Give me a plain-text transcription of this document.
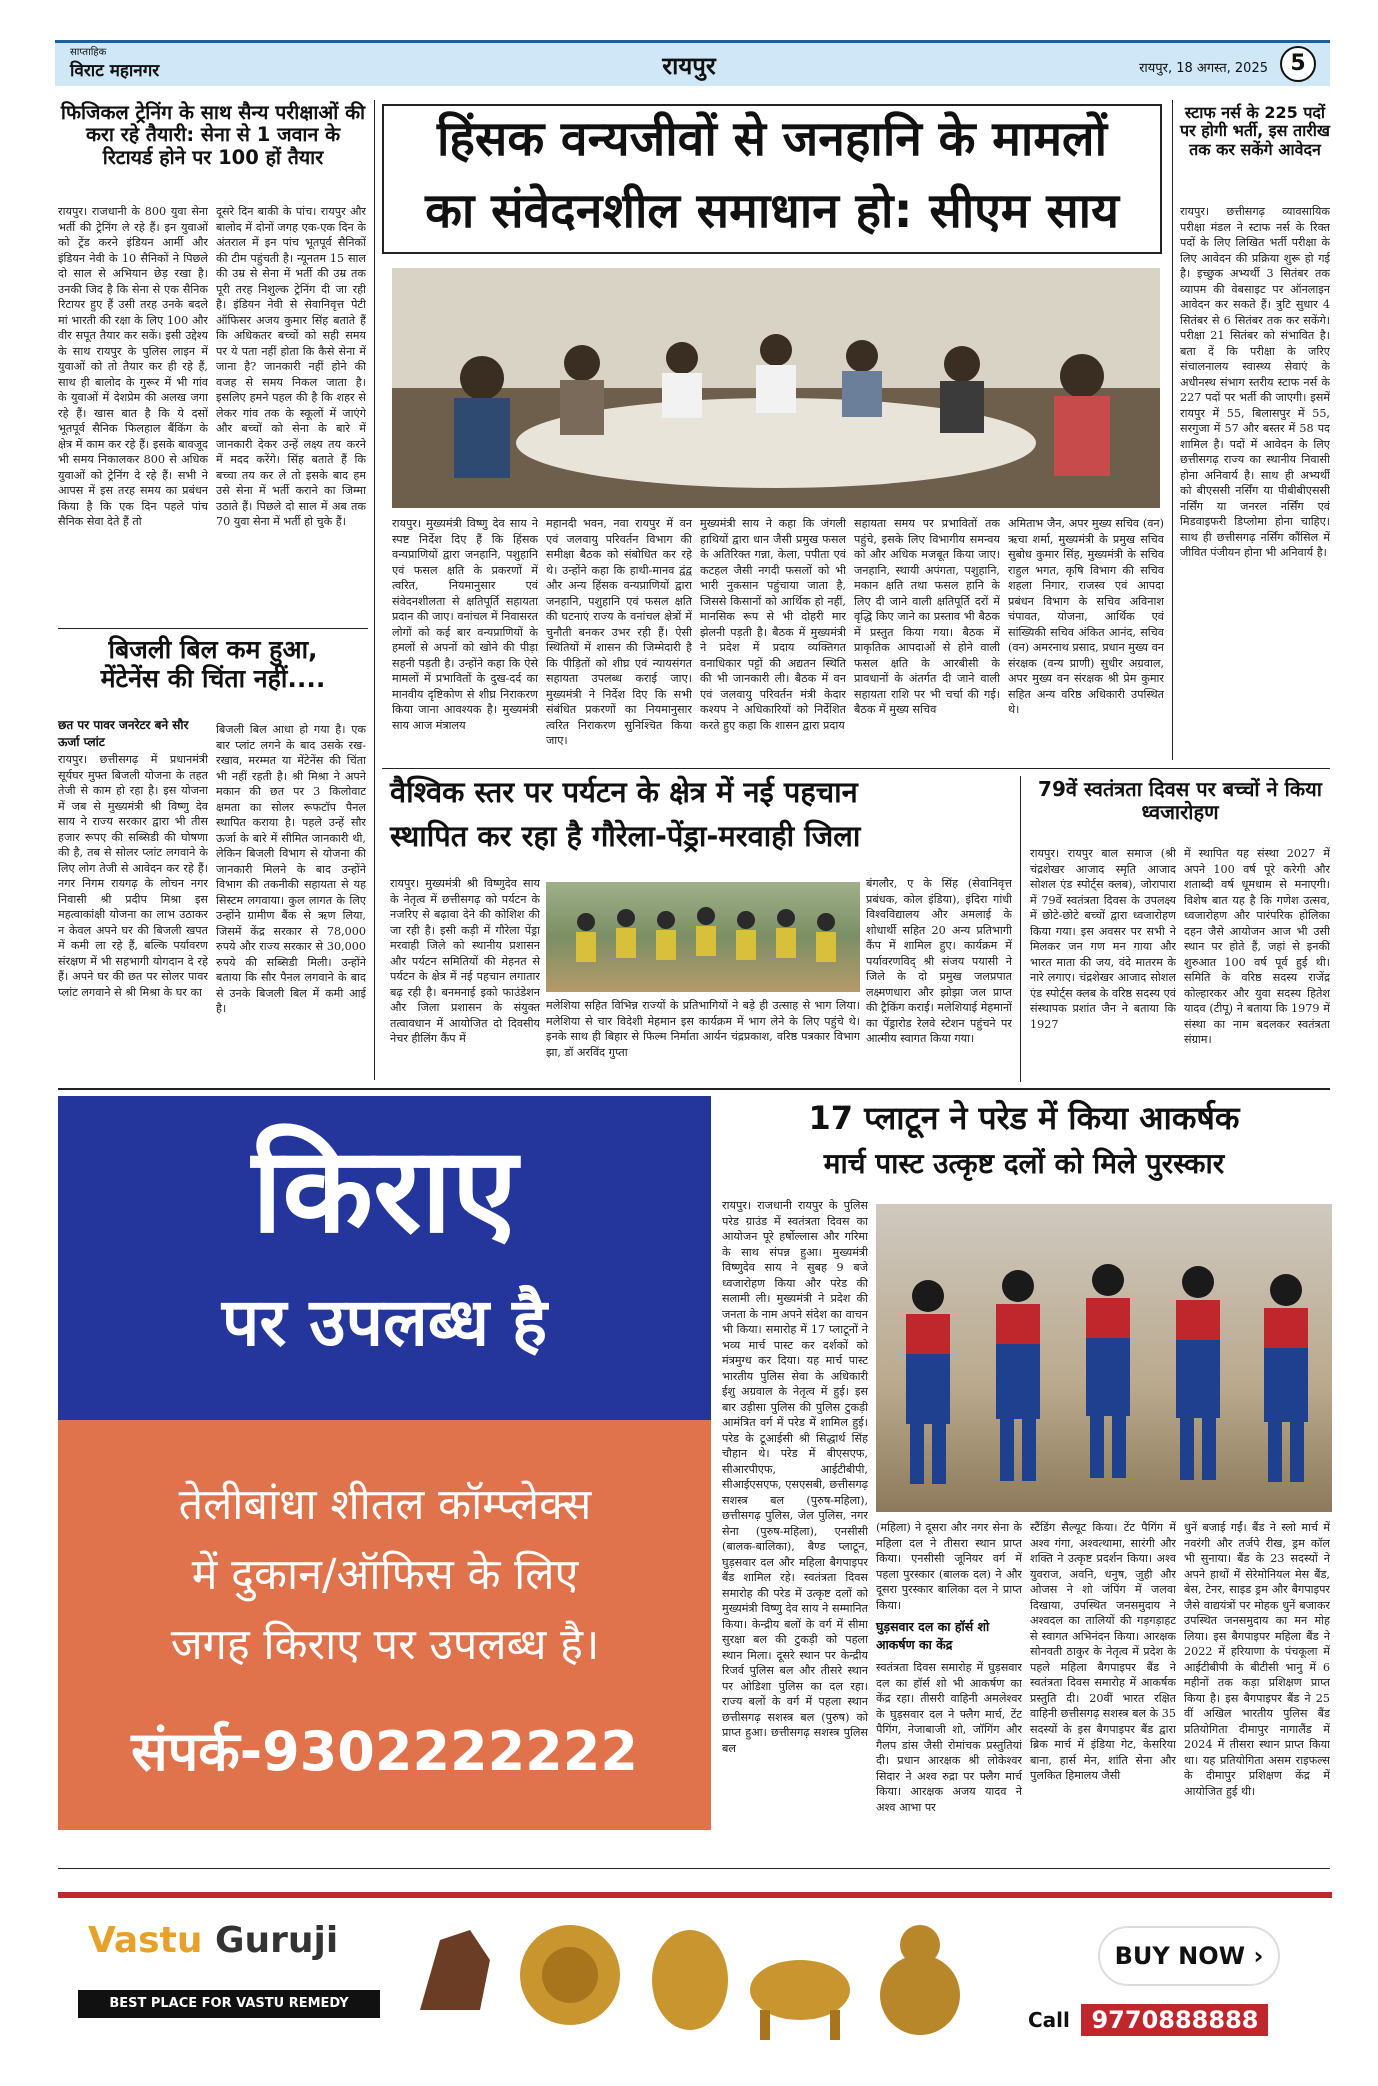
साप्ताहिक
विराट महानगर	रायपुर	रायपुर, 18 अगस्त, 2025	5
फिजिकल ट्रेनिंग के साथ सैन्य परीक्षाओं की करा रहे तैयारी: सेना से 1 जवान के रिटायर्ड होने पर 100 हों तैयार
रायपुर। राजधानी के 800 युवा सेना भर्ती की ट्रेनिंग ले रहे हैं। इन युवाओं को ट्रेंड करने इंडियन आर्मी और इंडियन नेवी के 10 सैनिकों ने पिछले दो साल से अभियान छेड़ रखा है। उनकी जिद है कि सेना से एक सैनिक रिटायर हुए हैं उसी तरह उनके बदले मां भारती की रक्षा के लिए 100 और वीर सपूत तैयार कर सकें। इसी उद्देश्य के साथ रायपुर के पुलिस लाइन में युवाओं को तो तैयार कर ही रहे हैं, साथ ही बालोद के गुरूर में भी गांव के युवाओं में देशप्रेम की अलख जगा रहे हैं। खास बात है कि ये दसों भूतपूर्व सैनिक फिलहाल बैंकिंग के क्षेत्र में काम कर रहे हैं। इसके बावजूद भी समय निकालकर 800 से अधिक युवाओं को ट्रेनिंग दे रहे हैं। सभी ने आपस में इस तरह समय का प्रबंधन किया है कि एक दिन पहले पांच सैनिक सेवा देते हैं तो
दूसरे दिन बाकी के पांच। रायपुर और बालोद में दोनों जगह एक-एक दिन के अंतराल में इन पांच भूतपूर्व सैनिकों की टीम पहुंचती है। न्यूनतम 15 साल की उम्र से सेना में भर्ती की उम्र तक पूरी तरह निशुल्क ट्रेनिंग दी जा रही है। इंडियन नेवी से सेवानिवृत्त पेटी ऑफिसर अजय कुमार सिंह बताते हैं कि अधिकतर बच्चों को सही समय पर ये पता नहीं होता कि कैसे सेना में जाना है? जानकारी नहीं होने की वजह से समय निकल जाता है। इसलिए हमने पहल की है कि शहर से लेकर गांव तक के स्कूलों में जाएंगे और बच्चों को सेना के बारे में जानकारी देकर उन्हें लक्ष्य तय करने में मदद करेंगे। सिंह बताते हैं कि बच्चा तय कर ले तो इसके बाद हम उसे सेना में भर्ती कराने का जिम्मा उठाते हैं। पिछले दो साल में अब तक 70 युवा सेना में भर्ती हो चुके हैं।
बिजली बिल कम हुआ, मेंटेनेंस की चिंता नहीं....
छत पर पावर जनरेटर बने सौर ऊर्जा प्लांट
रायपुर। छत्तीसगढ़ में प्रधानमंत्री सूर्यघर मुफ्त बिजली योजना के तहत तेजी से काम हो रहा है। इस योजना में जब से मुख्यमंत्री श्री विष्णु देव साय ने राज्य सरकार द्वारा भी तीस हजार रूपए की सब्सिडी की घोषणा की है, तब से सोलर प्लांट लगवाने के लिए लोग तेजी से आवेदन कर रहे हैं। नगर निगम रायगढ़ के लोचन नगर निवासी श्री प्रदीप मिश्रा इस महत्वाकांक्षी योजना का लाभ उठाकर न केवल अपने घर की बिजली खपत में कमी ला रहे हैं, बल्कि पर्यावरण संरक्षण में भी सहभागी योगदान दे रहे हैं। अपने घर की छत पर सोलर पावर प्लांट लगवाने से श्री मिश्रा के घर का
बिजली बिल आधा हो गया है। एक बार प्लांट लगने के बाद उसके रख-रखाव, मरम्मत या मेंटेनेंस की चिंता भी नहीं रहती है। श्री मिश्रा ने अपने मकान की छत पर 3 किलोवाट क्षमता का सोलर रूफटॉप पैनल स्थापित कराया है। पहले उन्हें सौर ऊर्जा के बारे में सीमित जानकारी थी, लेकिन बिजली विभाग से योजना की जानकारी मिलने के बाद उन्होंने विभाग की तकनीकी सहायता से यह सिस्टम लगवाया। कुल लागत के लिए उन्होंने ग्रामीण बैंक से ऋण लिया, जिसमें केंद्र सरकार से 78,000 रुपये और राज्य सरकार से 30,000 रुपये की सब्सिडी मिली। उन्होंने बताया कि सौर पैनल लगवाने के बाद से उनके बिजली बिल में कमी आई है।
हिंसक वन्यजीवों से जनहानि के मामलों
का संवेदनशील समाधान हो: सीएम साय
रायपुर। मुख्यमंत्री विष्णु देव साय ने स्पष्ट निर्देश दिए हैं कि हिंसक वन्यप्राणियों द्वारा जनहानि, पशुहानि एवं फसल क्षति के प्रकरणों में त्वरित, नियमानुसार एवं संवेदनशीलता से क्षतिपूर्ति सहायता प्रदान की जाए। वनांचल में निवासरत लोगों को कई बार वन्यप्राणियों के हमलों से अपनों को खोने की पीड़ा सहनी पड़ती है। उन्होंने कहा कि ऐसे मामलों में प्रभावितों के दुख-दर्द का मानवीय दृष्टिकोण से शीघ्र निराकरण किया जाना आवश्यक है। मुख्यमंत्री साय आज मंत्रालय
महानदी भवन, नवा रायपुर में वन एवं जलवायु परिवर्तन विभाग की समीक्षा बैठक को संबोधित कर रहे थे। उन्होंने कहा कि हाथी-मानव द्वंद्व और अन्य हिंसक वन्यप्राणियों द्वारा जनहानि, पशुहानि एवं फसल क्षति की घटनाएं राज्य के वनांचल क्षेत्रों में चुनौती बनकर उभर रही हैं। ऐसी स्थितियों में शासन की जिम्मेदारी है कि पीड़ितों को शीघ्र एवं न्यायसंगत सहायता उपलब्ध कराई जाए। मुख्यमंत्री ने निर्देश दिए कि सभी संबंधित प्रकरणों का नियमानुसार त्वरित निराकरण सुनिश्चित किया जाए।
मुख्यमंत्री साय ने कहा कि जंगली हाथियों द्वारा धान जैसी प्रमुख फसल के अतिरिक्त गन्ना, केला, पपीता एवं कटहल जैसी नगदी फसलों को भी भारी नुकसान पहुंचाया जाता है, जिससे किसानों को आर्थिक हो नहीं, मानसिक रूप से भी दोहरी मार झेलनी पड़ती है। बैठक में मुख्यमंत्री ने प्रदेश में प्रदाय व्यक्तिगत वनाधिकार पट्टों की अद्यतन स्थिति की भी जानकारी ली। बैठक में वन एवं जलवायु परिवर्तन मंत्री केदार कश्यप ने अधिकारियों को निर्देशित करते हुए कहा कि शासन द्वारा प्रदाय
सहायता समय पर प्रभावितों तक पहुंचे, इसके लिए विभागीय समन्वय को और अधिक मजबूत किया जाए। जनहानि, स्थायी अपंगता, पशुहानि, मकान क्षति तथा फसल हानि के लिए दी जाने वाली क्षतिपूर्ति दरों में वृद्धि किए जाने का प्रस्ताव भी बैठक में प्रस्तुत किया गया। बैठक में प्राकृतिक आपदाओं से होने वाली फसल क्षति के आरबीसी के प्रावधानों के अंतर्गत दी जाने वाली सहायता राशि पर भी चर्चा की गई। बैठक में मुख्य सचिव
अमिताभ जैन, अपर मुख्य सचिव (वन) ऋचा शर्मा, मुख्यमंत्री के प्रमुख सचिव सुबोध कुमार सिंह, मुख्यमंत्री के सचिव राहुल भगत, कृषि विभाग की सचिव शहला निगार, राजस्व एवं आपदा प्रबंधन विभाग के सचिव अविनाश चंपावत, योजना, आर्थिक एवं सांख्यिकी सचिव अंकित आनंद, सचिव (वन) अमरनाथ प्रसाद, प्रधान मुख्य वन संरक्षक (वन्य प्राणी) सुधीर अग्रवाल, अपर मुख्य वन संरक्षक श्री प्रेम कुमार सहित अन्य वरिष्ठ अधिकारी उपस्थित थे।
स्टाफ नर्स के 225 पदों पर होगी भर्ती, इस तारीख तक कर सकेंगे आवेदन
रायपुर। छत्तीसगढ़ व्यावसायिक परीक्षा मंडल ने स्टाफ नर्स के रिक्त पदों के लिए लिखित भर्ती परीक्षा के लिए आवेदन की प्रक्रिया शुरू हो गई है। इच्छुक अभ्यर्थी 3 सितंबर तक व्यापम की वेबसाइट पर ऑनलाइन आवेदन कर सकते हैं। त्रुटि सुधार 4 सितंबर से 6 सितंबर तक कर सकेंगे। परीक्षा 21 सितंबर को संभावित है। बता दें कि परीक्षा के जरिए संचालनालय स्वास्थ्य सेवाएं के अधीनस्थ संभाग स्तरीय स्टाफ नर्स के 227 पदों पर भर्ती की जाएगी। इसमें रायपुर में 55, बिलासपुर में 55, सरगुजा में 57 और बस्तर में 58 पद शामिल है। पदों में आवेदन के लिए छत्तीसगढ़ राज्य का स्थानीय निवासी होना अनिवार्य है। साथ ही अभ्यर्थी को बीएससी नर्सिंग या पीबीबीएससी नर्सिंग या जनरल नर्सिंग एवं मिडवाइफरी डिप्लोमा होना चाहिए। साथ ही छत्तीसगढ़ नर्सिंग कौंसिल में जीवित पंजीयन होना भी अनिवार्य है।
वैश्विक स्तर पर पर्यटन के क्षेत्र में नई पहचान
स्थापित कर रहा है गौरेला-पेंड्रा-मरवाही जिला
रायपुर। मुख्यमंत्री श्री विष्णुदेव साय के नेतृत्व में छत्तीसगढ़ को पर्यटन के नजरिए से बढ़ावा देने की कोशिश की जा रही है। इसी कड़ी में गौरेला पेंड्रा मरवाही जिले को स्थानीय प्रशासन और पर्यटन समितियों की मेहनत से पर्यटन के क्षेत्र में नई पहचान लगातार बढ़ रही है। बनमनाई इको फाउंडेशन और जिला प्रशासन के संयुक्त तत्वावधान में आयोजित दो दिवसीय नेचर हीलिंग कैंप में
मलेशिया सहित विभिन्न राज्यों के प्रतिभागियों ने बड़े ही उत्साह से भाग लिया। मलेशिया से चार विदेशी मेहमान इस कार्यक्रम में भाग लेने के लिए पहुंचे थे। इनके साथ ही बिहार से फिल्म निर्माता आर्यन चंद्रप्रकाश, वरिष्ठ पत्रकार विभाग झा, डॉ अरविंद गुप्ता
बंगलौर, ए के सिंह (सेवानिवृत्त प्रबंधक, कोल इंडिया), इंदिरा गांधी विश्वविद्यालय और अमलाई के शोधार्थी सहित 20 अन्य प्रतिभागी कैंप में शामिल हुए। कार्यक्रम में पर्यावरणविद् श्री संजय पयासी ने जिले के दो प्रमुख जलप्रपात लक्ष्मणधारा और झोझा जल प्राप्त की ट्रैकिंग कराई। मलेशियाई मेहमानों का पेंड्रारोड रेलवे स्टेशन पहुंचने पर आत्मीय स्वागत किया गया।
79वें स्वतंत्रता दिवस पर बच्चों ने किया ध्वजारोहण
रायपुर। रायपुर बाल समाज (श्री चंद्रशेखर आजाद स्मृति आजाद सोशल एंड स्पोर्ट्स क्लब), जोरापारा में 79वें स्वतंत्रता दिवस के उपलक्ष्य में छोटे-छोटे बच्चों द्वारा ध्वजारोहण किया गया। इस अवसर पर सभी ने मिलकर जन गण मन गाया और भारत माता की जय, वंदे मातरम के नारे लगाए। चंद्रशेखर आजाद सोशल एंड स्पोर्ट्स क्लब के वरिष्ठ सदस्य एवं संस्थापक प्रशांत जैन ने बताया कि 1927
में स्थापित यह संस्था 2027 में अपने 100 वर्ष पूरे करेगी और शताब्दी वर्ष धूमधाम से मनाएगी। विशेष बात यह है कि गणेश उत्सव, ध्वजारोहण और पारंपरिक होलिका दहन जैसे आयोजन आज भी उसी स्थान पर होते हैं, जहां से इनकी शुरुआत 100 वर्ष पूर्व हुई थी। समिति के वरिष्ठ सदस्य राजेंद्र कोल्हारकर और युवा सदस्य हितेश यादव (टीपू) ने बताया कि 1979 में संस्था का नाम बदलकर स्वतंत्रता संग्राम।
किराए
पर उपलब्ध है
तेलीबांधा शीतल कॉम्प्लेक्स
में दुकान/ऑफिस के लिए
जगह किराए पर उपलब्ध है।
संपर्क-9302222222
17 प्लाटून ने परेड में किया आकर्षक
मार्च पास्ट उत्कृष्ट दलों को मिले पुरस्कार
रायपुर। राजधानी रायपुर के पुलिस परेड ग्राउंड में स्वतंत्रता दिवस का आयोजन पूरे हर्षोल्लास और गरिमा के साथ संपन्न हुआ। मुख्यमंत्री विष्णुदेव साय ने सुबह 9 बजे ध्वजारोहण किया और परेड की सलामी ली। मुख्यमंत्री ने प्रदेश की जनता के नाम अपने संदेश का वाचन भी किया। समारोह में 17 प्लाटूनों ने भव्य मार्च पास्ट कर दर्शकों को मंत्रमुग्ध कर दिया। यह मार्च पास्ट भारतीय पुलिस सेवा के अधिकारी ईशु अग्रवाल के नेतृत्व में हुई। इस बार उड़ीसा पुलिस की पुलिस टुकड़ी आमंत्रित वर्ग में परेड में शामिल हुई। परेड के टूआईसी श्री सिद्धार्थ सिंह चौहान थे। परेड में बीएसएफ, सीआरपीएफ, आईटीबीपी, सीआईएसएफ, एसएसबी, छत्तीसगढ़ सशस्त्र बल (पुरुष-महिला), छत्तीसगढ़ पुलिस, जेल पुलिस, नगर सेना (पुरुष-महिला), एनसीसी (बालक-बालिका), बैण्ड प्लाटून, घुड़सवार दल और महिला बैगपाइपर बैंड शामिल रहे। स्वतंत्रता दिवस समारोह की परेड में उत्कृष्ट दलों को मुख्यमंत्री विष्णु देव साय ने सम्मानित किया। केन्द्रीय बलों के वर्ग में सीमा सुरक्षा बल की टुकड़ी को पहला स्थान मिला। दूसरे स्थान पर केन्द्रीय रिजर्व पुलिस बल और तीसरे स्थान पर ओडिशा पुलिस का दल रहा। राज्य बलों के वर्ग में पहला स्थान छत्तीसगढ़ सशस्त्र बल (पुरुष) को प्राप्त हुआ। छत्तीसगढ़ सशस्त्र पुलिस बल
(महिला) ने दूसरा और नगर सेना के महिला दल ने तीसरा स्थान प्राप्त किया। एनसीसी जूनियर वर्ग में पहला पुरस्कार (बालक दल) ने और दूसरा पुरस्कार बालिका दल ने प्राप्त किया।
घुड़सवार दल का हॉर्स शो आकर्षण का केंद्र
स्वतंत्रता दिवस समारोह में घुड़सवार दल का हॉर्स शो भी आकर्षण का केंद्र रहा। तीसरी वाहिनी अमलेश्वर के घुड़सवार दल ने फ्लैग मार्च, टेंट पैगिंग, नेजाबाजी शो, जॉगिंग और गैलप डांस जैसी रोमांचक प्रस्तुतियां दी। प्रधान आरक्षक श्री लोकेश्वर सिदार ने अश्व रुद्रा पर फ्लैग मार्च किया। आरक्षक अजय यादव ने अश्व आभा पर
स्टैंडिंग सैल्यूट किया। टेंट पैगिंग में अश्व गंगा, अश्वत्थामा, सारंगी और शक्ति ने उत्कृष्ट प्रदर्शन किया। अश्व युवराज, अवनि, धनुष, जुही और ओजस ने शो जंपिंग में जलवा दिखाया, उपस्थित जनसमुदाय ने अश्वदल का तालियों की गड़गड़ाहट से स्वागत अभिनंदन किया। आरक्षक सोनवती ठाकुर के नेतृत्व में प्रदेश के पहले महिला बैगपाइपर बैंड ने स्वतंत्रता दिवस समारोह में आकर्षक प्रस्तुति दी। 20वीं भारत रक्षित वाहिनी छत्तीसगढ़ सशस्त्र बल के 35 सदस्यों के इस बैगपाइपर बैंड द्वारा ब्रिक मार्च में इंडिया गेट, केसरिया बाना, हार्स मेन, शांति सेना और पुलकित हिमालय जैसी
धुनें बजाई गईं। बैंड ने स्लो मार्च में नवरंगी और तर्जपे रीख, ड्रम कॉल भी सुनाया। बैंड के 23 सदस्यों ने अपने हाथों में सेरेमोनियल मेस बैंड, बेस, टेनर, साइड ड्रम और बैगपाइपर जैसे वाद्ययंत्रों पर मोहक धुनें बजाकर उपस्थित जनसमुदाय का मन मोह लिया। इस बैगपाइपर महिला बैंड ने 2022 में हरियाणा के पंचकूला में आईटीबीपी के बीटीसी भानु में 6 महीनों तक कड़ा प्रशिक्षण प्राप्त किया है। इस बैगपाइपर बैंड ने 25 वीं अखिल भारतीय पुलिस बैंड प्रतियोगिता दीमापुर नागालैंड में 2024 में तीसरा स्थान प्राप्त किया था। यह प्रतियोगिता असम राइफल्स के दीमापुर प्रशिक्षण केंद्र में आयोजित हुई थी।
Vastu Guruji
BEST PLACE FOR VASTU REMEDY
BUY NOW ›
Call 9770888888
